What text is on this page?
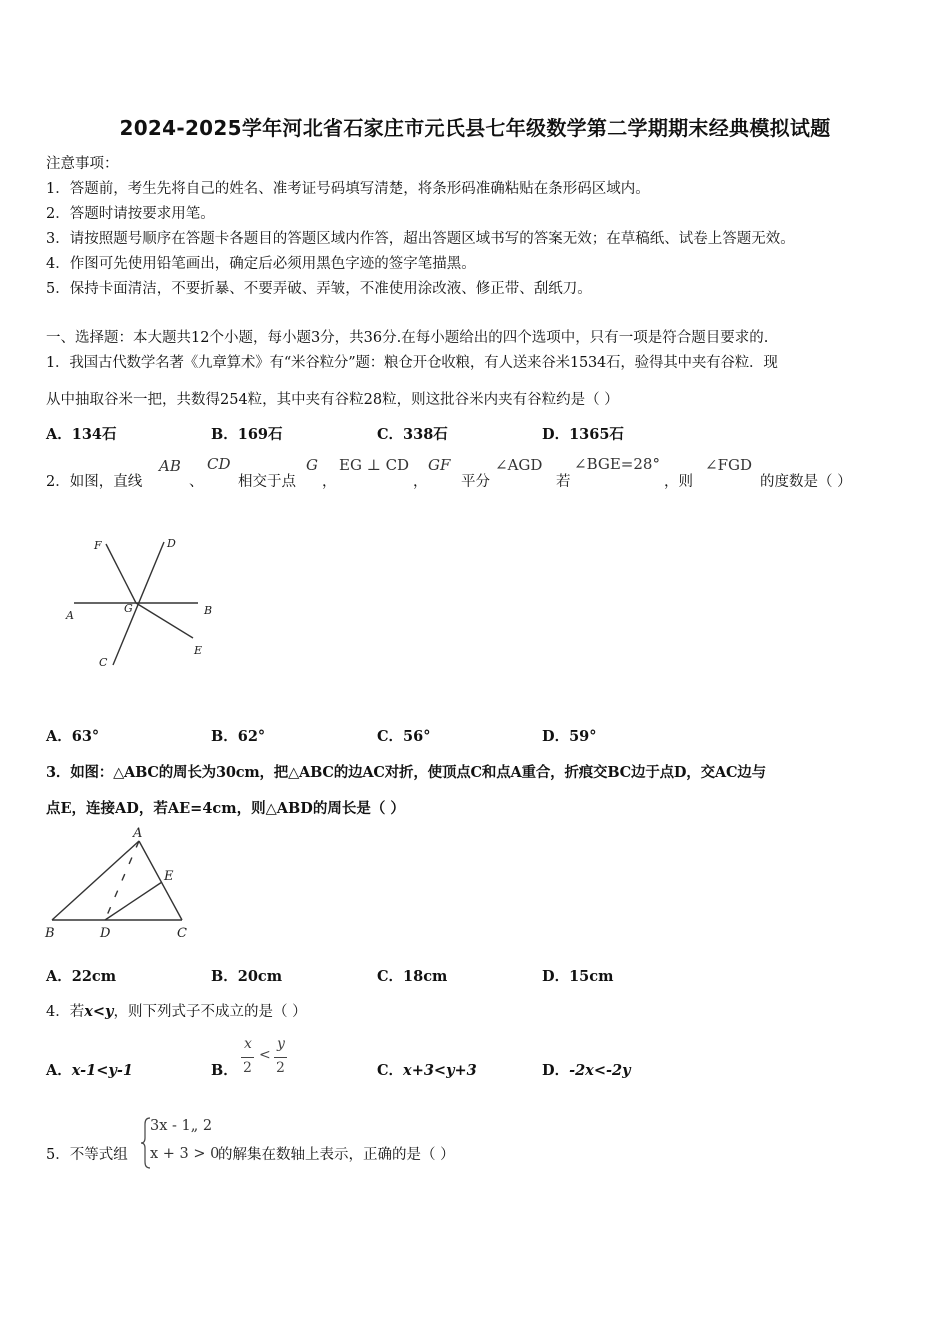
2024-2025学年河北省石家庄市元氏县七年级数学第二学期期末经典模拟试题
注意事项：
1．答题前，考生先将自己的姓名、准考证号码填写清楚，将条形码准确粘贴在条形码区域内。
2．答题时请按要求用笔。
3．请按照题号顺序在答题卡各题目的答题区域内作答，超出答题区域书写的答案无效；在草稿纸、试卷上答题无效。
4．作图可先使用铅笔画出，确定后必须用黑色字迹的签字笔描黑。
5．保持卡面清洁，不要折暴、不要弄破、弄皱，不准使用涂改液、修正带、刮纸刀。
一、选择题：本大题共12个小题，每小题3分，共36分.在每小题给出的四个选项中，只有一项是符合题目要求的.
1．我国古代数学名著《九章算术》有“米谷粒分”题：粮仓开仓收粮，有人送来谷米1534石，验得其中夹有谷粒．现
从中抽取谷米一把，共数得254粒，其中夹有谷粒28粒，则这批谷米内夹有谷粒约是（ ）
A．134石	B．169石	C．338石	D．1365石
2．如图，直线
AB
、
CD
相交于点
G
，
EG ⊥ CD
，
GF
平分
∠AGD
若
∠BGE=28°
，则
∠FGD
的度数是（ ）
F	D
A
G	B
C
E
A．63°	B．62°	C．56°	D．59°
3．如图：△ABC的周长为30cm，把△ABC的边AC对折，使顶点C和点A重合，折痕交BC边于点D，交AC边与
点E，连接AD，若AE=4cm，则△ABD的周长是（ ）
A
E
B	D	C
A．22cm	B．20cm	C．18cm	D．15cm
4．若x<y，则下列式子不成立的是（ ）
A．x-1<y-1	B．
x
2
<
y
2	C．x+3<y+3	D．-2x<-2y
5．不等式组
3x - 1„ 2
x + 3 > 0
的解集在数轴上表示，正确的是（ ）
